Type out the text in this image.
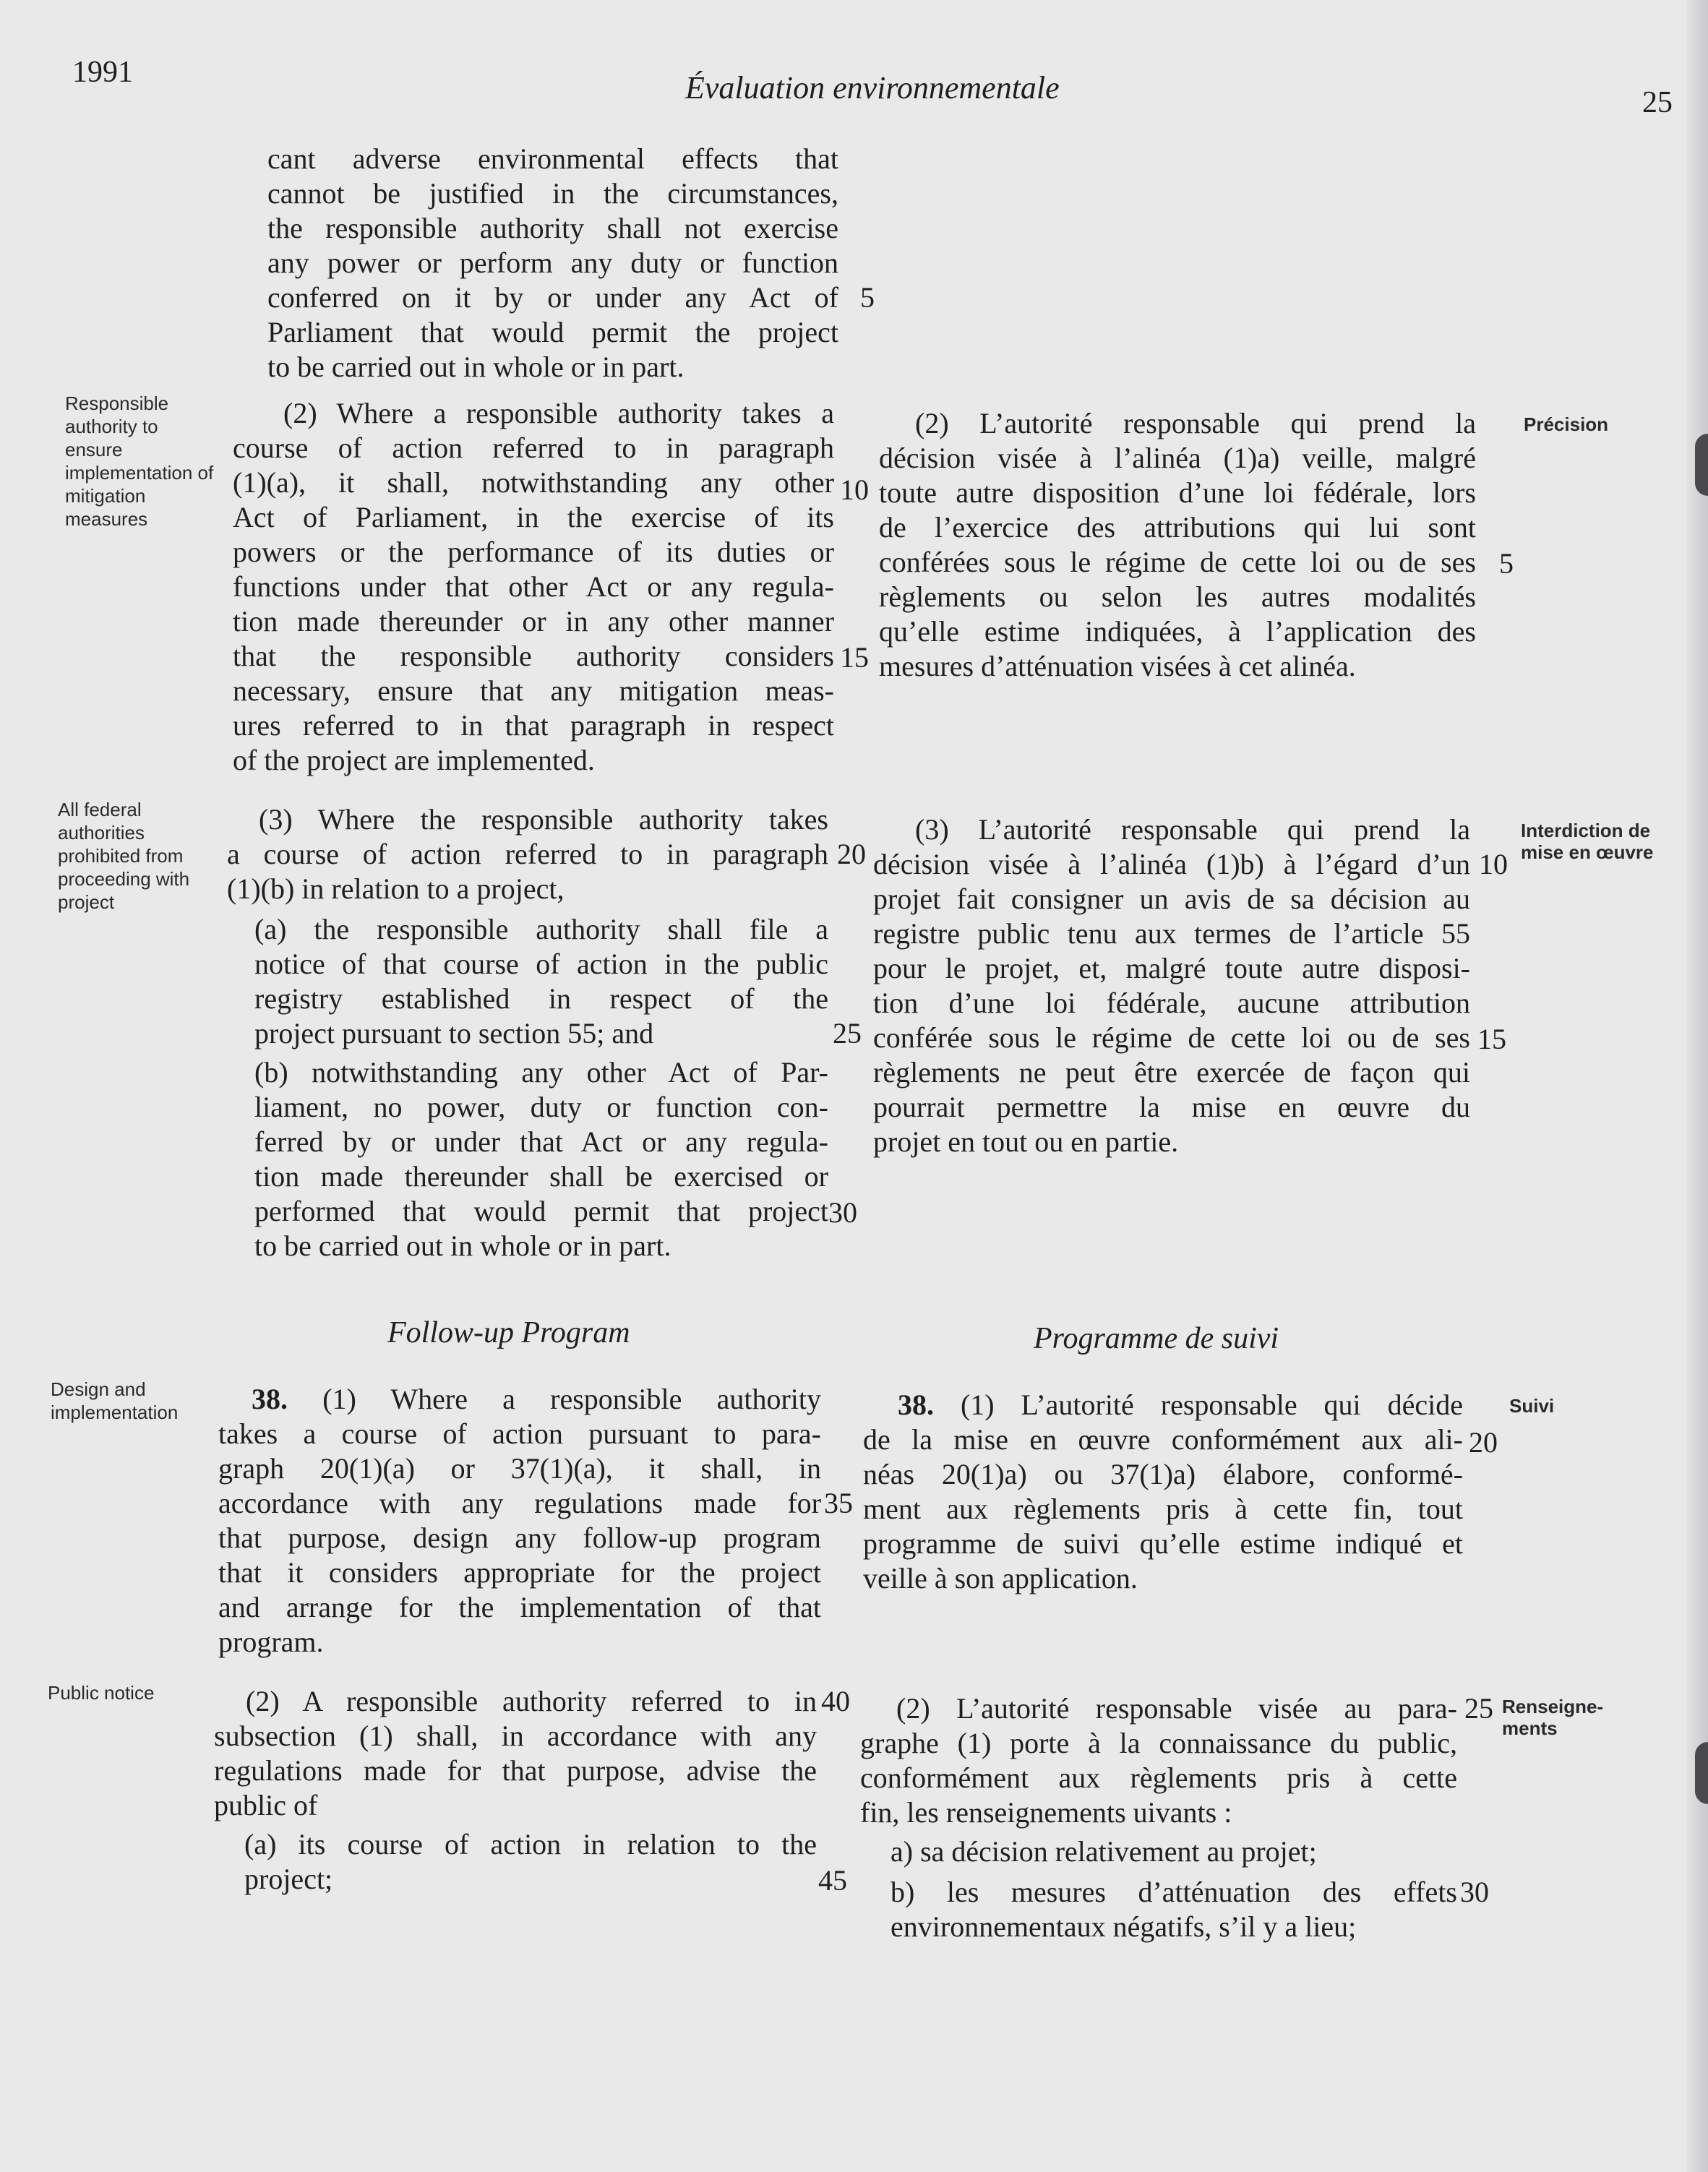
1991	Évaluation environnementale	25
cant adverse environmental effects that
cannot be justified in the circumstances,
the responsible authority shall not exercise
any power or perform any duty or function
conferred on it by or under any Act of
Parliament that would permit the project
to be carried out in whole or in part.
Responsible authority to ensure implementation of mitigation measures
(2) Where a responsible authority takes a
course of action referred to in paragraph
(1)(a), it shall, notwithstanding any other
Act of Parliament, in the exercise of its
powers or the performance of its duties or
functions under that other Act or any regula-
tion made thereunder or in any other manner
that the responsible authority considers
necessary, ensure that any mitigation meas-
ures referred to in that paragraph in respect
of the project are implemented.
Précision
(2) L’autorité responsable qui prend la
décision visée à l’alinéa (1)a) veille, malgré
toute autre disposition d’une loi fédérale, lors
de l’exercice des attributions qui lui sont
conférées sous le régime de cette loi ou de ses
règlements ou selon les autres modalités
qu’elle estime indiquées, à l’application des
mesures d’atténuation visées à cet alinéa.
All federal authorities prohibited from proceeding with project
(3) Where the responsible authority takes
a course of action referred to in paragraph
(1)(b) in relation to a project,
(a) the responsible authority shall file a
notice of that course of action in the public
registry established in respect of the
project pursuant to section 55; and
(b) notwithstanding any other Act of Par-
liament, no power, duty or function con-
ferred by or under that Act or any regula-
tion made thereunder shall be exercised or
performed that would permit that project
to be carried out in whole or in part.
Interdiction de mise en œuvre
(3) L’autorité responsable qui prend la
décision visée à l’alinéa (1)b) à l’égard d’un
projet fait consigner un avis de sa décision au
registre public tenu aux termes de l’article 55
pour le projet, et, malgré toute autre disposi-
tion d’une loi fédérale, aucune attribution
conférée sous le régime de cette loi ou de ses
règlements ne peut être exercée de façon qui
pourrait permettre la mise en œuvre du
projet en tout ou en partie.
Follow-up Program	Programme de suivi
Design and implementation	38. (1) Where a responsible authority
takes a course of action pursuant to para-
graph 20(1)(a) or 37(1)(a), it shall, in
accordance with any regulations made for
that purpose, design any follow-up program
that it considers appropriate for the project
and arrange for the implementation of that
program.
Suivi
38. (1) L’autorité responsable qui décide
de la mise en œuvre conformément aux ali-
néas 20(1)a) ou 37(1)a) élabore, conformé-
ment aux règlements pris à cette fin, tout
programme de suivi qu’elle estime indiqué et
veille à son application.
Public notice	(2) A responsible authority referred to in
subsection (1) shall, in accordance with any
regulations made for that purpose, advise the
public of
(a) its course of action in relation to the
project;
Renseigne- ments
(2) L’autorité responsable visée au para-
graphe (1) porte à la connaissance du public,
conformément aux règlements pris à cette
fin, les renseignements uivants :
a) sa décision relativement au projet;
b) les mesures d’atténuation des effets
environnementaux négatifs, s’il y a lieu;
5
10
15
20
25
30
35
40
45
5
10
15
20
25
30
